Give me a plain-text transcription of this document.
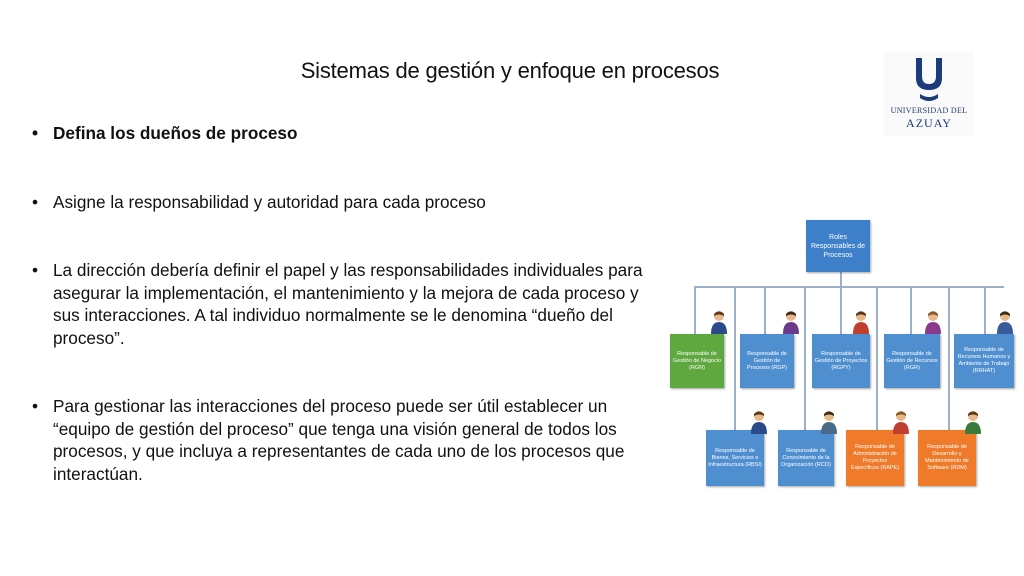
Sistemas de gestión y enfoque en procesos
UNIVERSIDAD DEL
AZUAY
• Defina los dueños de proceso
• Asigne la responsabilidad y autoridad para cada proceso
• La dirección debería definir el papel y las responsabilidades individuales para asegurar la implementación, el mantenimiento y la mejora de cada proceso y sus interacciones. A tal individuo normalmente se le denomina “dueño del proceso”.
• Para gestionar las interacciones del proceso puede ser útil establecer un “equipo de gestión del proceso” que tenga una visión general de todos los procesos, y que incluya a representantes de cada uno de los procesos que interactúan.
Roles Responsables de Procesos
Responsable de Gestión de Negocio (RGN)
Responsable de Gestión de Procesos (RGP)
Responsable de Gestión de Proyectos (RGPY)
Responsable de Gestión de Recursos (RGR)
Responsable de Recursos Humanos y Ambiente de Trabajo (RRHAT)
Responsable de Bienes, Servicios e Infraestructura (RBSI)
Responsable de Conocimiento de la Organización (RCO)
Responsable de Administración de Proyectos Específicos (RAPE)
Responsable de Desarrollo y Mantenimiento de Software (RDM)
